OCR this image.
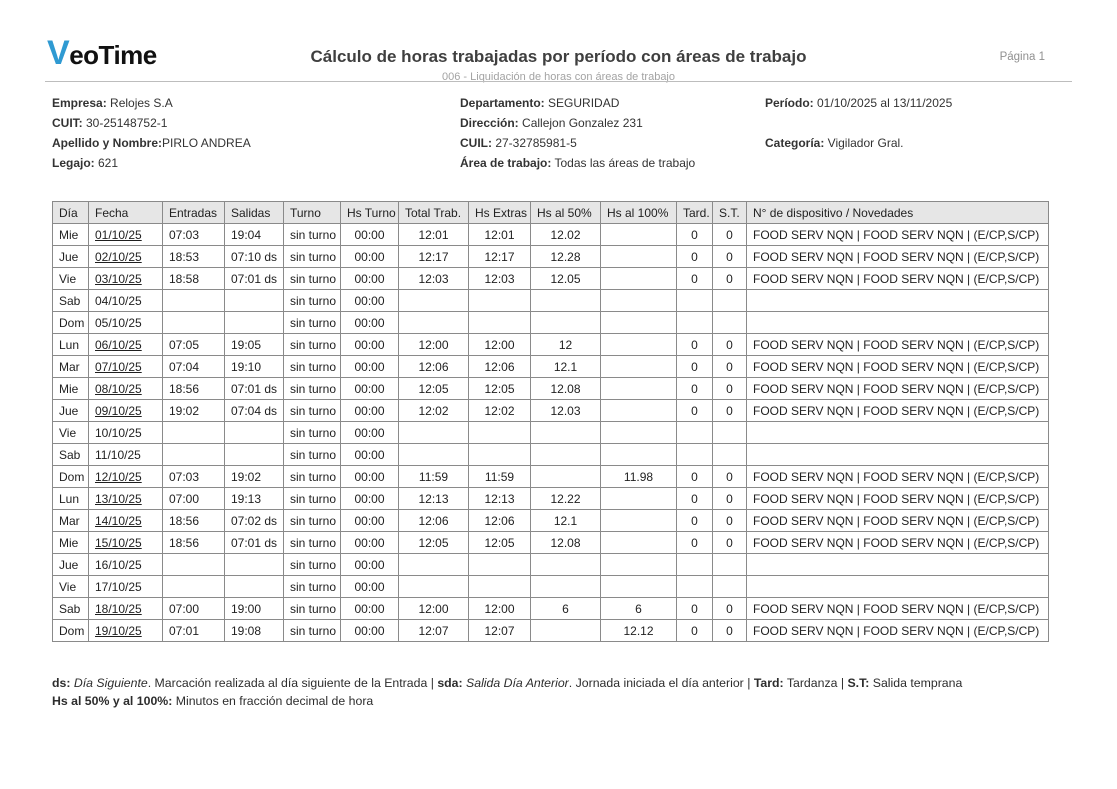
VeoTime	Cálculo de horas trabajadas por período con áreas de trabajo
006 - Liquidación de horas con áreas de trabajo
Página 1
Empresa: Relojes S.A
CUIT: 30-25148752-1
Apellido y Nombre:PIRLO ANDREA
Legajo: 621
Departamento: SEGURIDAD
Dirección: Callejon Gonzalez 231
CUIL: 27-32785981-5
Área de trabajo: Todas las áreas de trabajo
Período: 01/10/2025 al 13/11/2025
Categoría: Vigilador Gral.
Día	Fecha	Entradas	Salidas	Turno	Hs Turno	Total Trab.	Hs Extras	Hs al 50%	Hs al 100%	Tard.	S.T.	N° de dispositivo / Novedades
Mie	01/10/25	07:03	19:04	sin turno	00:00	12:01	12:01	12.02		0	0	FOOD SERV NQN | FOOD SERV NQN | (E/CP,S/CP)
Jue	02/10/25	18:53	07:10 ds	sin turno	00:00	12:17	12:17	12.28		0	0	FOOD SERV NQN | FOOD SERV NQN | (E/CP,S/CP)
Vie	03/10/25	18:58	07:01 ds	sin turno	00:00	12:03	12:03	12.05		0	0	FOOD SERV NQN | FOOD SERV NQN | (E/CP,S/CP)
Sab	04/10/25			sin turno	00:00							
Dom	05/10/25			sin turno	00:00							
Lun	06/10/25	07:05	19:05	sin turno	00:00	12:00	12:00	12		0	0	FOOD SERV NQN | FOOD SERV NQN | (E/CP,S/CP)
Mar	07/10/25	07:04	19:10	sin turno	00:00	12:06	12:06	12.1		0	0	FOOD SERV NQN | FOOD SERV NQN | (E/CP,S/CP)
Mie	08/10/25	18:56	07:01 ds	sin turno	00:00	12:05	12:05	12.08		0	0	FOOD SERV NQN | FOOD SERV NQN | (E/CP,S/CP)
Jue	09/10/25	19:02	07:04 ds	sin turno	00:00	12:02	12:02	12.03		0	0	FOOD SERV NQN | FOOD SERV NQN | (E/CP,S/CP)
Vie	10/10/25			sin turno	00:00							
Sab	11/10/25			sin turno	00:00							
Dom	12/10/25	07:03	19:02	sin turno	00:00	11:59	11:59		11.98	0	0	FOOD SERV NQN | FOOD SERV NQN | (E/CP,S/CP)
Lun	13/10/25	07:00	19:13	sin turno	00:00	12:13	12:13	12.22		0	0	FOOD SERV NQN | FOOD SERV NQN | (E/CP,S/CP)
Mar	14/10/25	18:56	07:02 ds	sin turno	00:00	12:06	12:06	12.1		0	0	FOOD SERV NQN | FOOD SERV NQN | (E/CP,S/CP)
Mie	15/10/25	18:56	07:01 ds	sin turno	00:00	12:05	12:05	12.08		0	0	FOOD SERV NQN | FOOD SERV NQN | (E/CP,S/CP)
Jue	16/10/25			sin turno	00:00							
Vie	17/10/25			sin turno	00:00							
Sab	18/10/25	07:00	19:00	sin turno	00:00	12:00	12:00	6	6	0	0	FOOD SERV NQN | FOOD SERV NQN | (E/CP,S/CP)
Dom	19/10/25	07:01	19:08	sin turno	00:00	12:07	12:07		12.12	0	0	FOOD SERV NQN | FOOD SERV NQN | (E/CP,S/CP)
ds: Día Siguiente. Marcación realizada al día siguiente de la Entrada | sda: Salida Día Anterior. Jornada iniciada el día anterior | Tard: Tardanza | S.T: Salida temprana
Hs al 50% y al 100%: Minutos en fracción decimal de hora
